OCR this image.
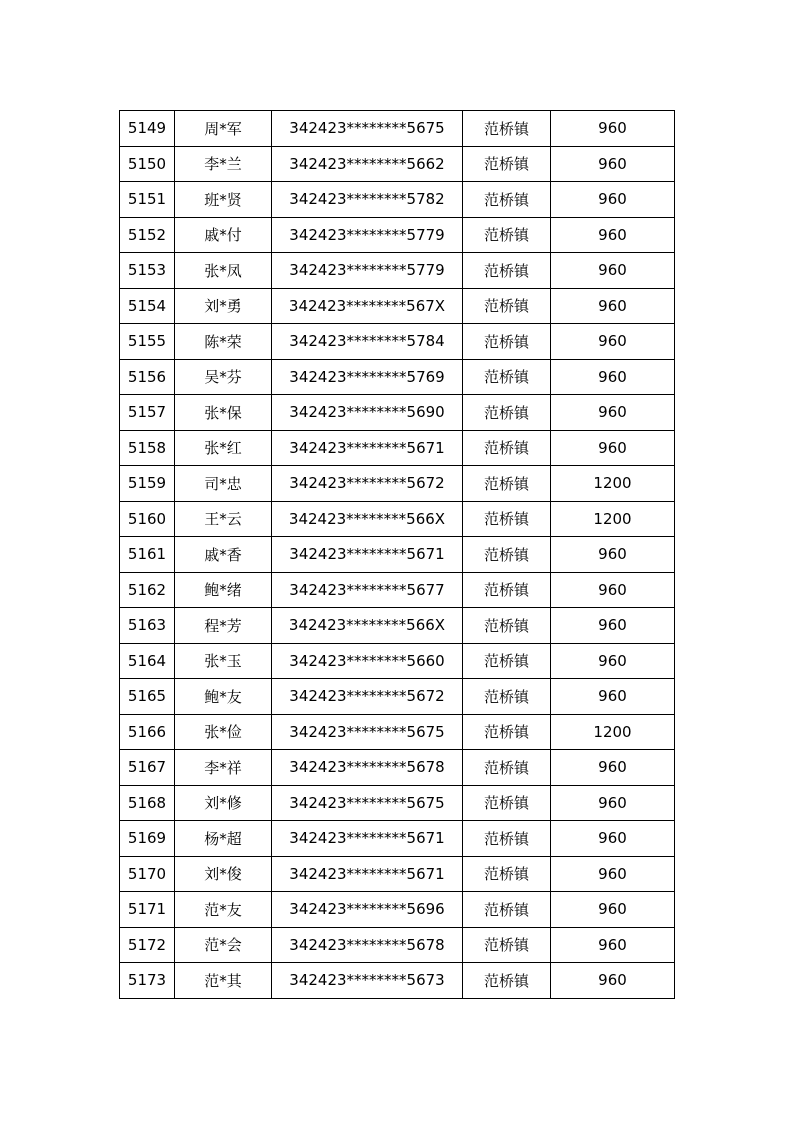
5149	周*军	342423********5675	范桥镇	960
5150	李*兰	342423********5662	范桥镇	960
5151	班*贤	342423********5782	范桥镇	960
5152	戚*付	342423********5779	范桥镇	960
5153	张*凤	342423********5779	范桥镇	960
5154	刘*勇	342423********567X	范桥镇	960
5155	陈*荣	342423********5784	范桥镇	960
5156	吴*芬	342423********5769	范桥镇	960
5157	张*保	342423********5690	范桥镇	960
5158	张*红	342423********5671	范桥镇	960
5159	司*忠	342423********5672	范桥镇	1200
5160	王*云	342423********566X	范桥镇	1200
5161	戚*香	342423********5671	范桥镇	960
5162	鲍*绪	342423********5677	范桥镇	960
5163	程*芳	342423********566X	范桥镇	960
5164	张*玉	342423********5660	范桥镇	960
5165	鲍*友	342423********5672	范桥镇	960
5166	张*俭	342423********5675	范桥镇	1200
5167	李*祥	342423********5678	范桥镇	960
5168	刘*修	342423********5675	范桥镇	960
5169	杨*超	342423********5671	范桥镇	960
5170	刘*俊	342423********5671	范桥镇	960
5171	范*友	342423********5696	范桥镇	960
5172	范*会	342423********5678	范桥镇	960
5173	范*其	342423********5673	范桥镇	960
